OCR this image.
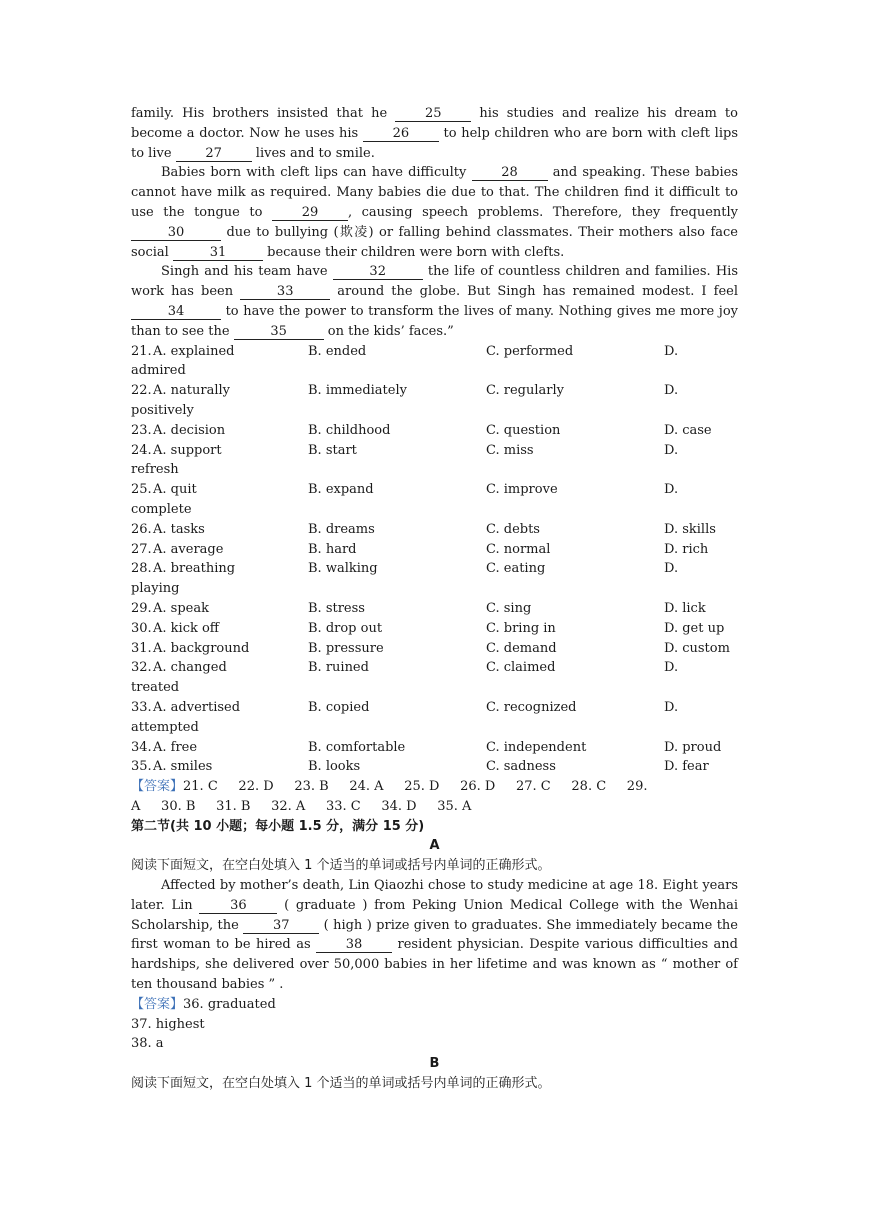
family. His brothers insisted that he 25 his studies and realize his dream to become a doctor. Now he uses his 26 to help children who are born with cleft lips to live 27 lives and to smile.

Babies born with cleft lips can have difficulty 28 and speaking. These babies cannot have milk as required. Many babies die due to that. The children find it difficult to use the tongue to 29 , causing speech problems. Therefore, they frequently 30	due to bullying (欺凌) or falling behind classmates. Their mothers also face social	31	because their children were born with clefts.

Singh and his team have	32	the life of countless children and families. His work has been	33	around the globe. But Singh has remained modest. I feel 34	to have the power to transform the lives of many. Nothing gives me more joy than to see the	35	on the kids’ faces.”

21.A. explained	B. ended	C. performed	D.
admired
22.A. naturally	B. immediately	C. regularly	D.
positively
23.A. decision	B. childhood	C. question	D. case
24.A. support	B. start	C. miss	D.
refresh
25.A. quit	B. expand	C. improve	D.
complete
26.A. tasks	B. dreams	C. debts	D. skills
27.A. average	B. hard	C. normal	D. rich
28.A. breathing	B. walking	C. eating	D.
playing
29.A. speak	B. stress	C. sing	D. lick
30.A. kick off	B. drop out	C. bring in	D. get up
31.A. background	B. pressure	C. demand	D. custom
32.A. changed	B. ruined	C. claimed	D.
treated
33.A. advertised	B. copied	C. recognized	D.
attempted
34.A. free	B. comfortable	C. independent	D. proud
35.A. smiles	B. looks	C. sadness	D. fear

【答案】21. C     22. D     23. B     24. A     25. D     26. D     27. C     28. C     29.
A     30. B     31. B     32. A     33. C     34. D     35. A

第二节(共 10 小题；每小题 1.5 分，满分 15 分)

A

阅读下面短文，在空白处填入 1 个适当的单词或括号内单词的正确形式。

Affected by mother’s death, Lin Qiaozhi chose to study medicine at age 18. Eight years later. Lin 36 ( graduate ) from Peking Union Medical College with the Wenhai Scholarship, the 37 ( high ) prize given to graduates. She immediately became the first woman to be hired as 38 resident physician. Despite various difficulties and hardships, she delivered over 50,000 babies in her lifetime and was known as “ mother of ten thousand babies ” .

【答案】36. graduated

37. highest

38. a

B

阅读下面短文，在空白处填入 1 个适当的单词或括号内单词的正确形式。
